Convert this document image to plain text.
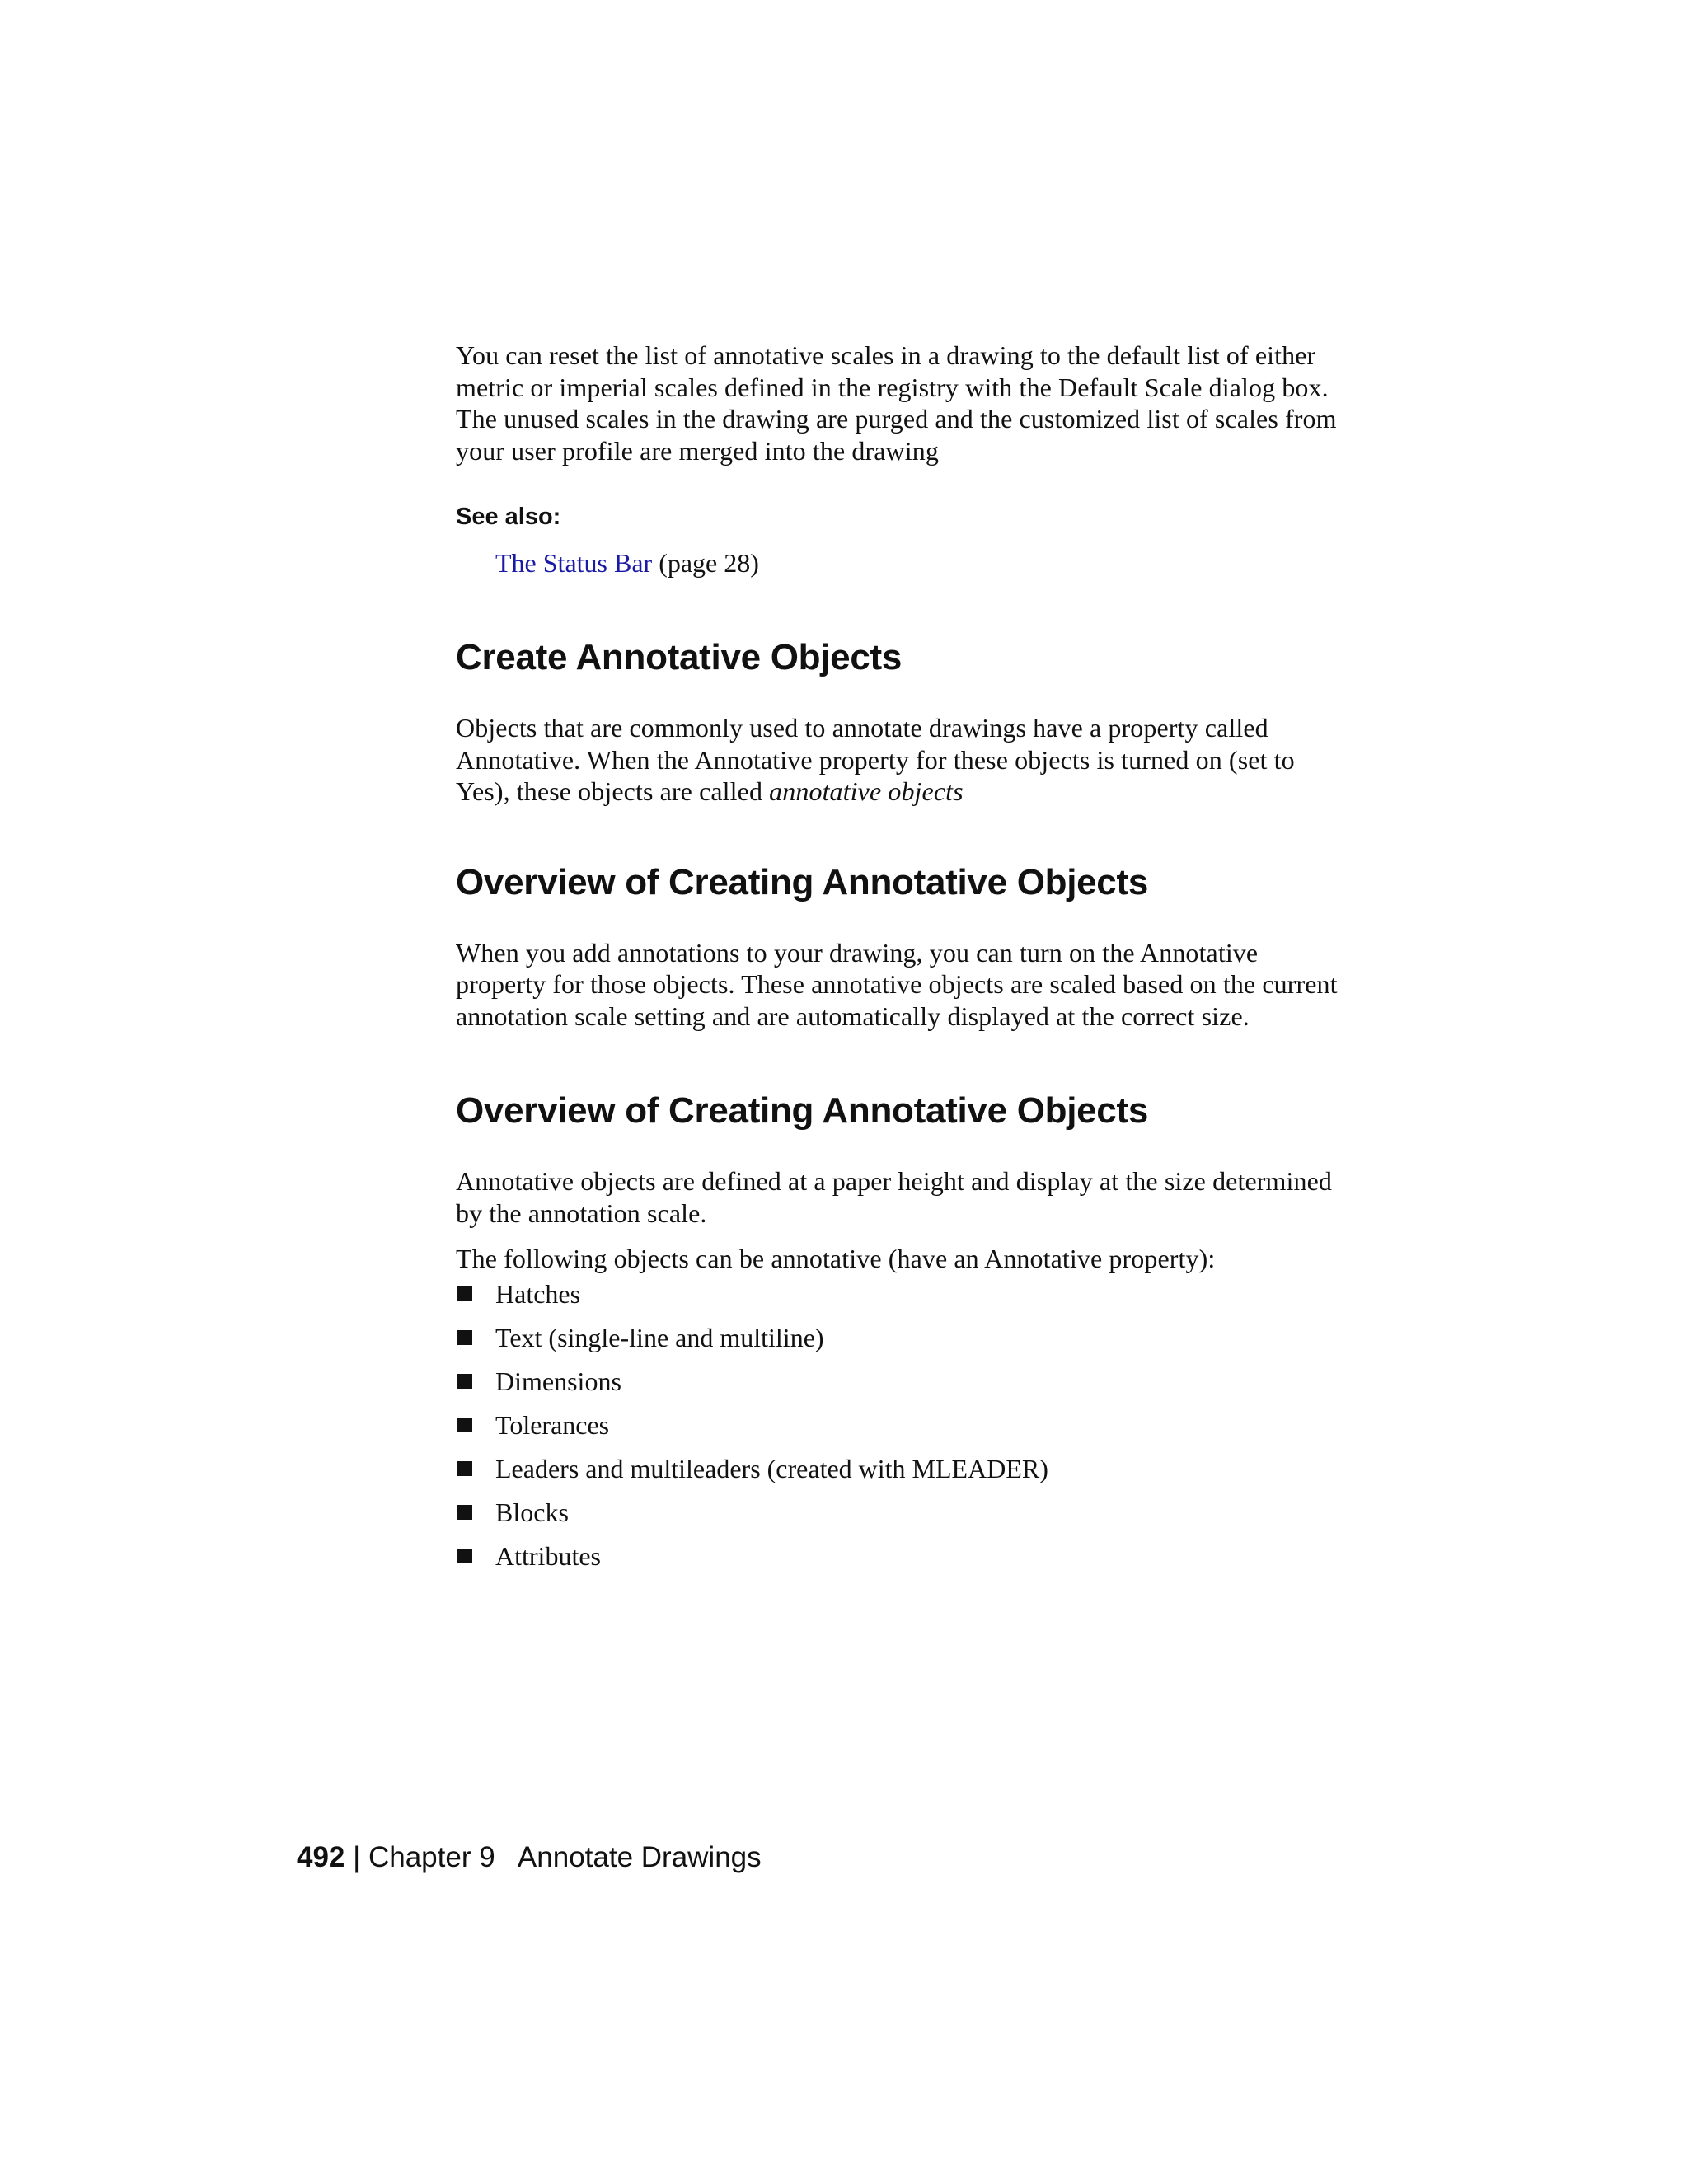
You can reset the list of annotative scales in a drawing to the default list of either metric or imperial scales defined in the registry with the Default Scale dialog box. The unused scales in the drawing are purged and the customized list of scales from your user profile are merged into the drawing

See also:

The Status Bar (page 28)

Create Annotative Objects

Objects that are commonly used to annotate drawings have a property called Annotative. When the Annotative property for these objects is turned on (set to Yes), these objects are called annotative objects

Overview of Creating Annotative Objects

When you add annotations to your drawing, you can turn on the Annotative property for those objects. These annotative objects are scaled based on the current annotation scale setting and are automatically displayed at the correct size.

Overview of Creating Annotative Objects

Annotative objects are defined at a paper height and display at the size determined by the annotation scale.

The following objects can be annotative (have an Annotative property):

Hatches
Text (single-line and multiline)
Dimensions
Tolerances
Leaders and multileaders (created with MLEADER)
Blocks
Attributes
492 | Chapter 9   Annotate Drawings
